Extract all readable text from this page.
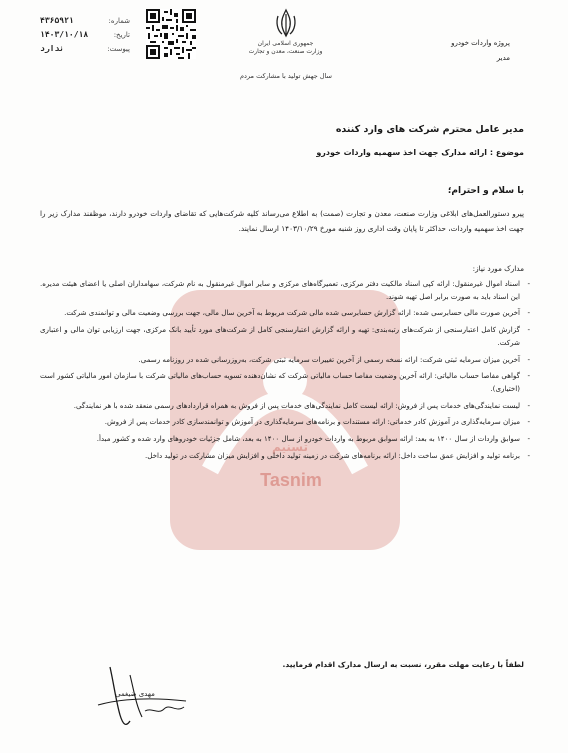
تسنیم
Tasnim
پروژه واردات خودرو
مدیر
جمهوری اسلامی ایران
وزارت صنعت، معدن و تجارت
سال جهش تولید با مشارکت مردم
شماره:
۴۳۶۵۹۲۱
تاریخ:
۱۴۰۳/۱۰/۱۸
پیوست:
ندارد
مدیر عامل محترم شرکت های وارد کننده
موضوع : ارائه مدارک جهت اخذ سهمیه واردات خودرو
با سلام و احترام؛
پیرو دستورالعمل‌های ابلاغی وزارت صنعت، معدن و تجارت (صمت) به اطلاع می‌رساند کلیه شرکت‌هایی که تقاضای واردات خودرو دارند، موظفند مدارک زیر را جهت اخذ سهمیه واردات، حداکثر تا پایان وقت اداری روز شنبه مورخ ۱۴۰۳/۱۰/۲۹ ارسال نمایند.
مدارک مورد نیاز:
- اسناد اموال غیرمنقول: ارائه کپی اسناد مالکیت دفتر مرکزی، تعمیرگاه‌های مرکزی و سایر اموال غیرمنقول به نام شرکت، سهامداران اصلی یا اعضای هیئت مدیره. این اسناد باید به صورت برابر اصل تهیه شوند.
- آخرین صورت مالی حسابرسی شده: ارائه گزارش حسابرسی شده مالی شرکت مربوط به آخرین سال مالی، جهت بررسی وضعیت مالی و توانمندی شرکت.
- گزارش کامل اعتبارسنجی از شرکت‌های رتبه‌بندی: تهیه و ارائه گزارش اعتبارسنجی کامل از شرکت‌های مورد تأیید بانک مرکزی، جهت ارزیابی توان مالی و اعتباری شرکت.
- آخرین میزان سرمایه ثبتی شرکت: ارائه نسخه رسمی از آخرین تغییرات سرمایه ثبتی شرکت، به‌روزرسانی شده در روزنامه رسمی.
- گواهی مفاصا حساب مالیاتی: ارائه آخرین وضعیت مفاصا حساب مالیاتی شرکت که نشان‌دهنده تسویه حساب‌های مالیاتی شرکت با سازمان امور مالیاتی کشور است (اختیاری).
- لیست نمایندگی‌های خدمات پس از فروش: ارائه لیست کامل نمایندگی‌های خدمات پس از فروش به همراه قراردادهای رسمی منعقد شده با هر نمایندگی.
- میزان سرمایه‌گذاری در آموزش کادر خدماتی: ارائه مستندات و برنامه‌های سرمایه‌گذاری در آموزش و توانمندسازی کادر خدمات پس از فروش.
- سوابق واردات از سال ۱۴۰۰ به بعد: ارائه سوابق مربوط به واردات خودرو از سال ۱۴۰۰ به بعد، شامل جزئیات خودروهای وارد شده و کشور مبدأ.
- برنامه تولید و افزایش عمق ساخت داخل: ارائه برنامه‌های شرکت در زمینه تولید داخلی و افزایش میزان مشارکت در تولید داخل.
لطفاً با رعایت مهلت مقرر، نسبت به ارسال مدارک اقدام فرمایید.
مهدی ضیغمی
